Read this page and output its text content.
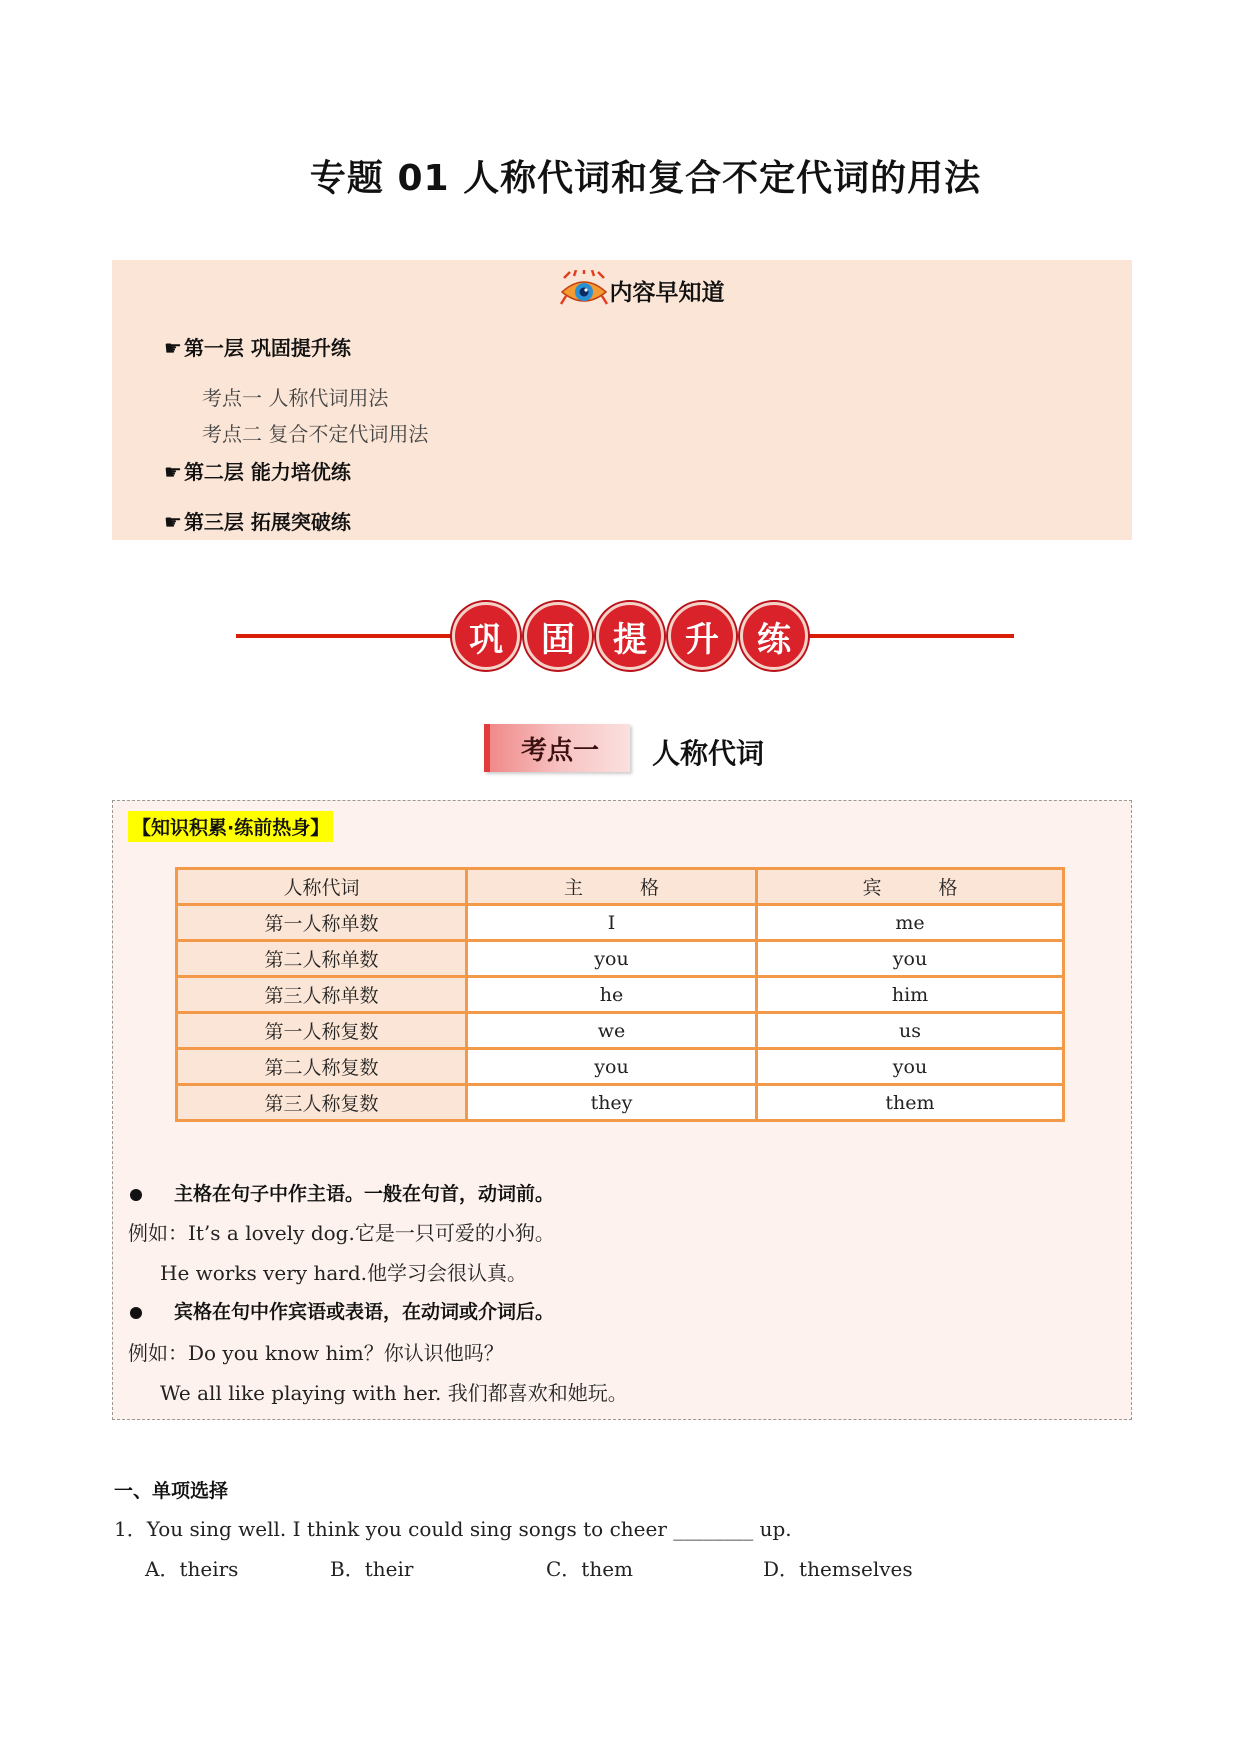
专题 01 人称代词和复合不定代词的用法
内容早知道
☛ 第一层 巩固提升练
考点一 人称代词用法
考点二 复合不定代词用法
☛ 第二层 能力培优练
☛ 第三层 拓展突破练
巩	固	提	升	练
考点一	人称代词
【知识积累·练前热身】
人称代词	主　　　格	宾　　　格
第一人称单数	I	me
第二人称单数	you	you
第三人称单数	he	him
第一人称复数	we	us
第二人称复数	you	you
第三人称复数	they	them
主格在句子中作主语。一般在句首，动词前。
例如：It’s a lovely dog.它是一只可爱的小狗。
He works very hard.他学习会很认真。
宾格在句中作宾语或表语，在动词或介词后。
例如：Do you know him？你认识他吗？
We all like playing with her. 我们都喜欢和她玩。
一、单项选择
1．You sing well. I think you could sing songs to cheer ________ up.
A．theirs	B．their	C．them	D．themselves
